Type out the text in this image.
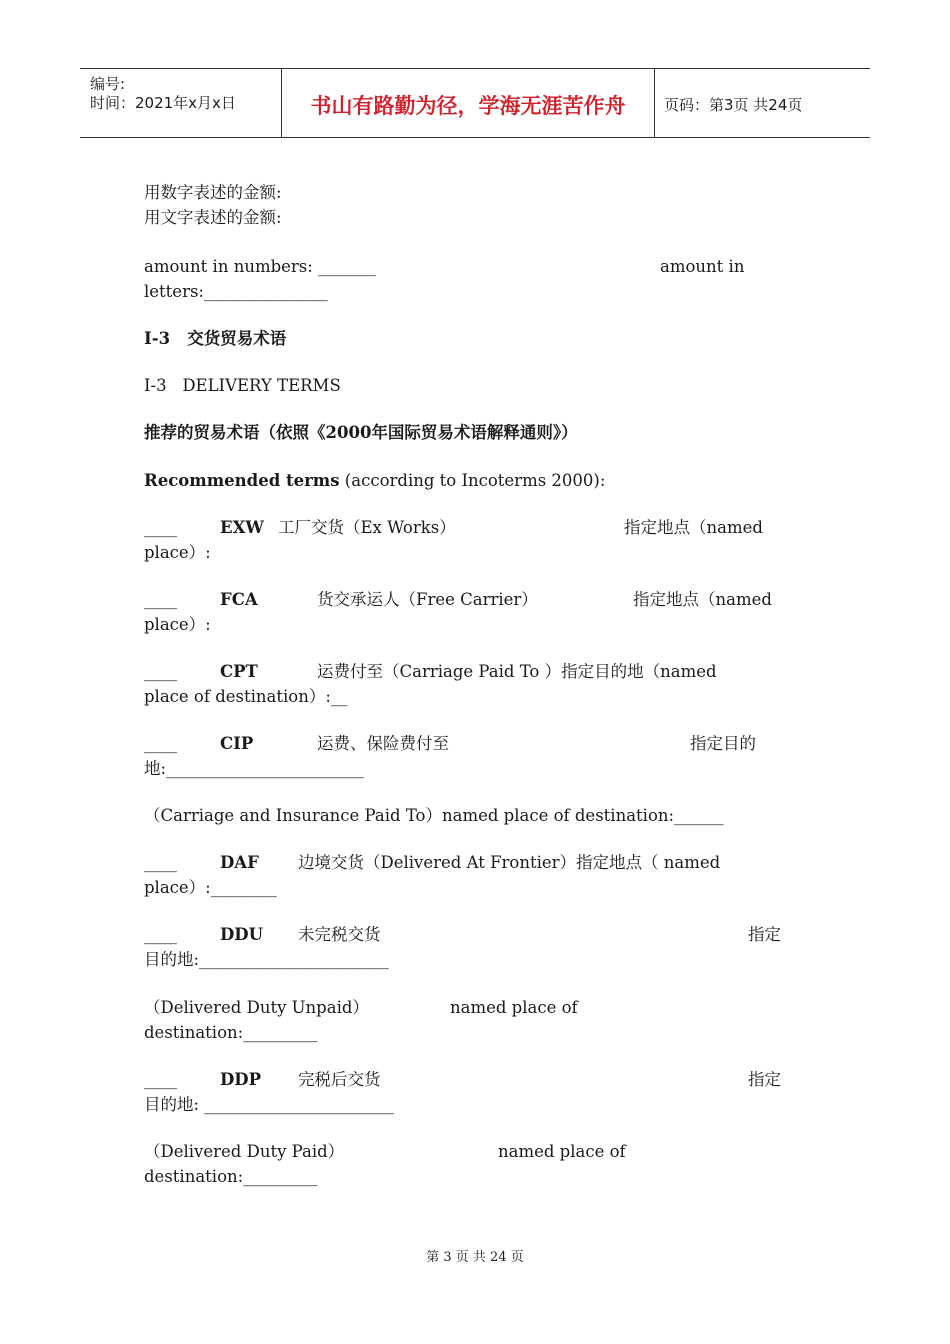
编号:
时间：2021年x月x日	书山有路勤为径，学海无涯苦作舟	页码：第3页 共24页
用数字表述的金额:
用文字表述的金额:
amount in numbers: _______	amount in
letters:_______________
I-3   交货贸易术语
I-3   DELIVERY TERMS
推荐的贸易术语（依照《2000年国际贸易术语解释通则》）
Recommended terms (according to Incoterms 2000):
____	EXW 工厂交货（Ex Works）	指定地点（named
place）:
____	FCA	货交承运人（Free Carrier）	指定地点（named
place）:
____	CPT	运费付至（Carriage Paid To ）指定目的地（named
place of destination）:__
____	CIP	运费、保险费付至	指定目的
地:________________________
（Carriage and Insurance Paid To）named place of destination:______
____	DAF 边境交货（Delivered At Frontier）指定地点（ named
place）:________
____	DDU 未完税交货	指定
目的地:_______________________
（Delivered Duty Unpaid）	named place of
destination:_________
____	DDP 完税后交货	指定
目的地: _______________________
（Delivered Duty Paid）	named place of
destination:_________
第 3 页 共 24 页
